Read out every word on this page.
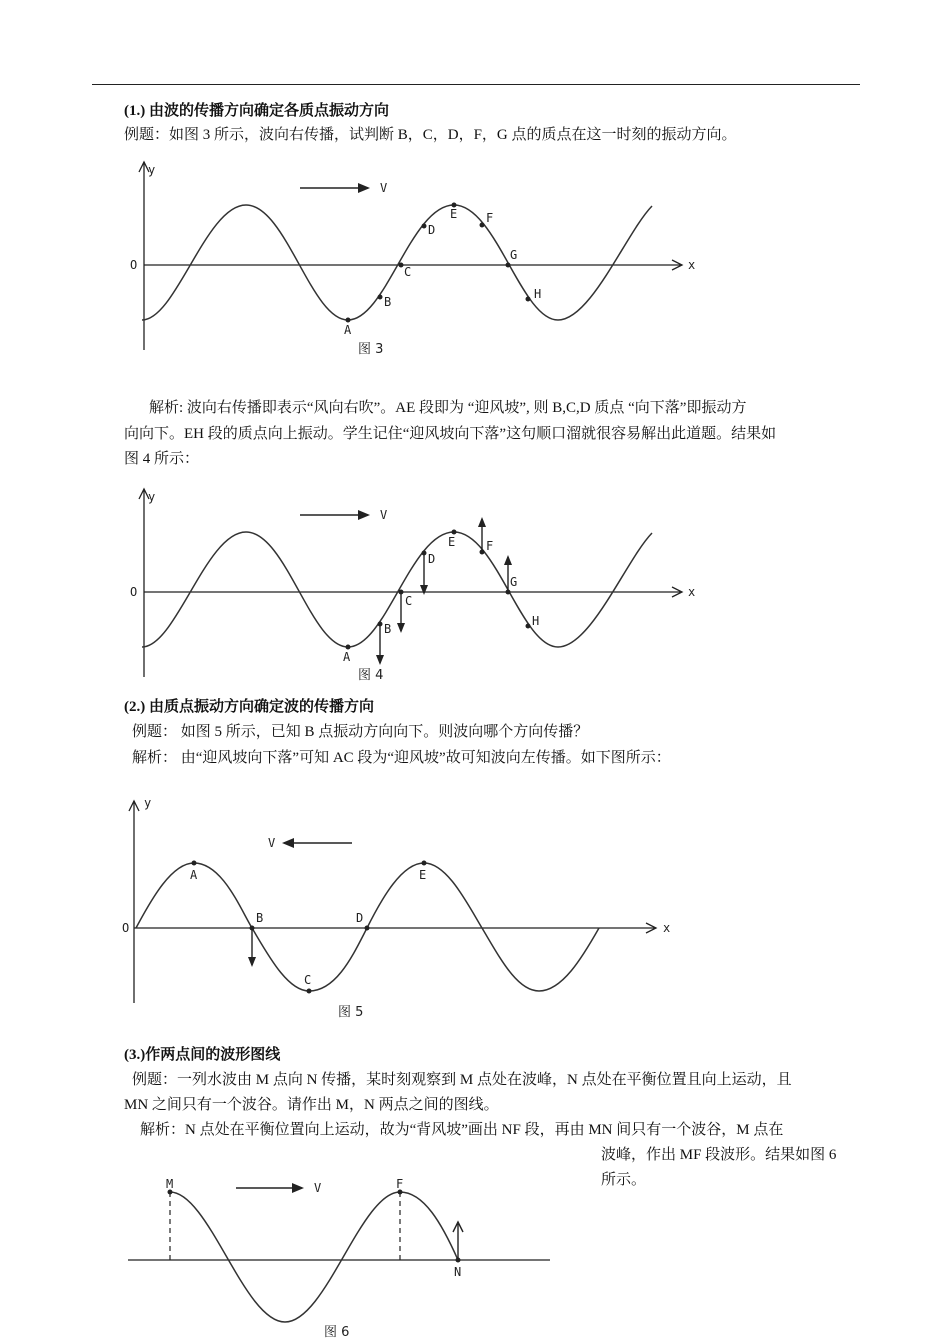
(1.) 由波的传播方向确定各质点振动方向
例题：如图 3 所示，波向右传播，试判断 B，C，D，F，G 点的质点在这一时刻的振动方向。
y
O	x
V
A
B
C
D
E F
G
H
图 3
解析: 波向右传播即表示“风向右吹”。AE 段即为 “迎风坡”, 则 B,C,D 质点 “向下落”即振动方
向向下。EH 段的质点向上振动。学生记住“迎风坡向下落”这句顺口溜就很容易解出此道题。结果如
图 4 所示：
y
O	x
V
A
B
C
D
E	F
G
H
图 4
(2.) 由质点振动方向确定波的传播方向
例题： 如图 5 所示，已知 B 点振动方向向下。则波向哪个方向传播？
解析： 由“迎风坡向下落”可知 AC 段为“迎风坡”故可知波向左传播。如下图所示：
y
O	x
V
A
B
C
D
E
图 5
(3.)作两点间的波形图线
例题：一列水波由 M 点向 N 传播，某时刻观察到 M 点处在波峰，N 点处在平衡位置且向上运动，且
MN 之间只有一个波谷。请作出 M，N 两点之间的图线。
解析：N 点处在平衡位置向上运动，故为“背风坡”画出 NF 段，再由 MN 间只有一个波谷，M 点在
波峰，作出 MF 段波形。结果如图 6
所示。
M	F
N
V
图 6
